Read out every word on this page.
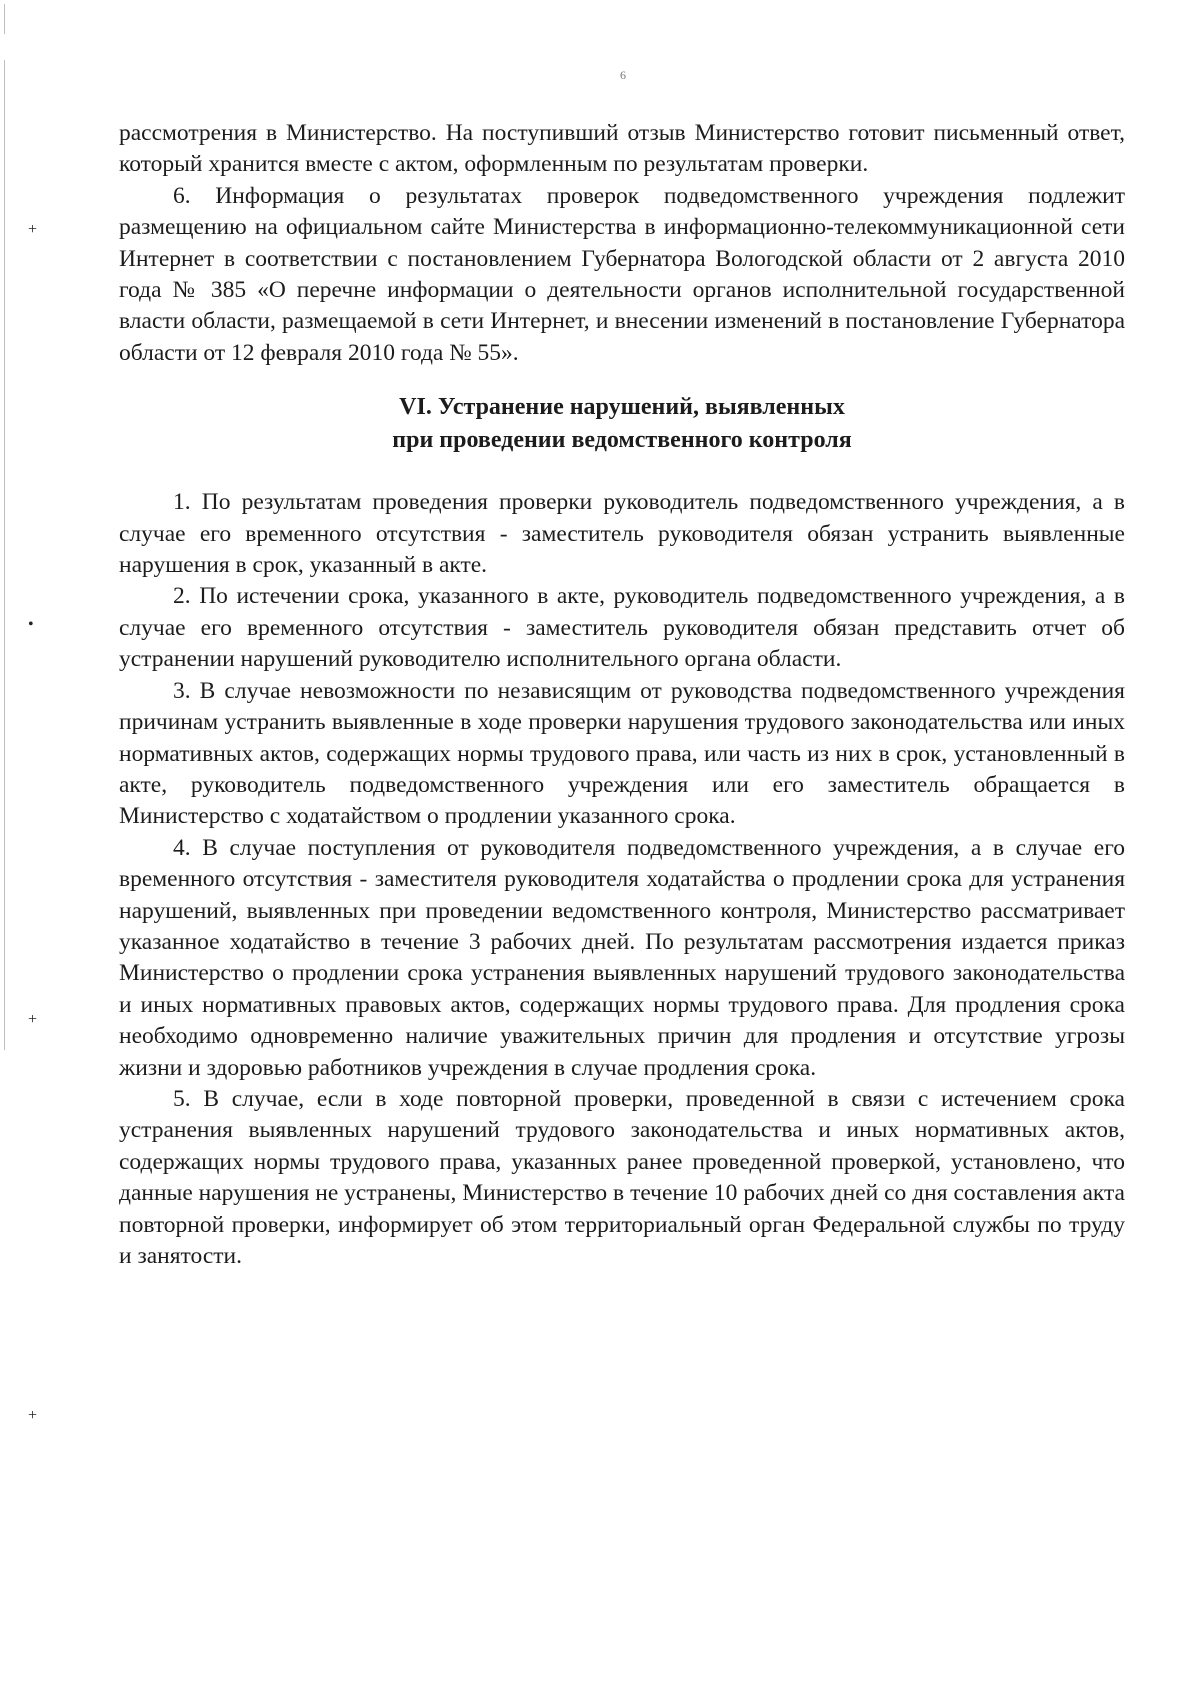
6
+
•
+
+

рассмотрения в Министерство. На поступивший отзыв Министерство готовит письменный ответ, который хранится вместе с актом, оформленным по результатам проверки.

6. Информация о результатах проверок подведомственного учреждения подлежит размещению на официальном сайте Министерства в информационно-телекоммуникационной сети Интернет в соответствии с постановлением Губернатора Вологодской области от 2 августа 2010 года № 385 «О перечне информации о деятельности органов исполнительной государственной власти области, размещаемой в сети Интернет, и внесении изменений в постановление Губернатора области от 12 февраля 2010 года № 55».

VI. Устранение нарушений, выявленных
при проведении ведомственного контроля

1. По результатам проведения проверки руководитель подведомственного учреждения, а в случае его временного отсутствия - заместитель руководителя обязан устранить выявленные нарушения в срок, указанный в акте.

2. По истечении срока, указанного в акте, руководитель подведомственного учреждения, а в случае его временного отсутствия - заместитель руководителя обязан представить отчет об устранении нарушений руководителю исполнительного органа области.

3. В случае невозможности по независящим от руководства подведомственного учреждения причинам устранить выявленные в ходе проверки нарушения трудового законодательства или иных нормативных актов, содержащих нормы трудового права, или часть из них в срок, установленный в акте, руководитель подведомственного учреждения или его заместитель обращается в Министерство с ходатайством о продлении указанного срока.

4. В случае поступления от руководителя подведомственного учреждения, а в случае его временного отсутствия - заместителя руководителя ходатайства о продлении срока для устранения нарушений, выявленных при проведении ведомственного контроля, Министерство рассматривает указанное ходатайство в течение 3 рабочих дней. По результатам рассмотрения издается приказ Министерство о продлении срока устранения выявленных нарушений трудового законодательства и иных нормативных правовых актов, содержащих нормы трудового права. Для продления срока необходимо одновременно наличие уважительных причин для продления и отсутствие угрозы жизни и здоровью работников учреждения в случае продления срока.

5. В случае, если в ходе повторной проверки, проведенной в связи с истечением срока устранения выявленных нарушений трудового законодательства и иных нормативных актов, содержащих нормы трудового права, указанных ранее проведенной проверкой, установлено, что данные нарушения не устранены, Министерство в течение 10 рабочих дней со дня составления акта повторной проверки, информирует об этом территориальный орган Федеральной службы по труду и занятости.
